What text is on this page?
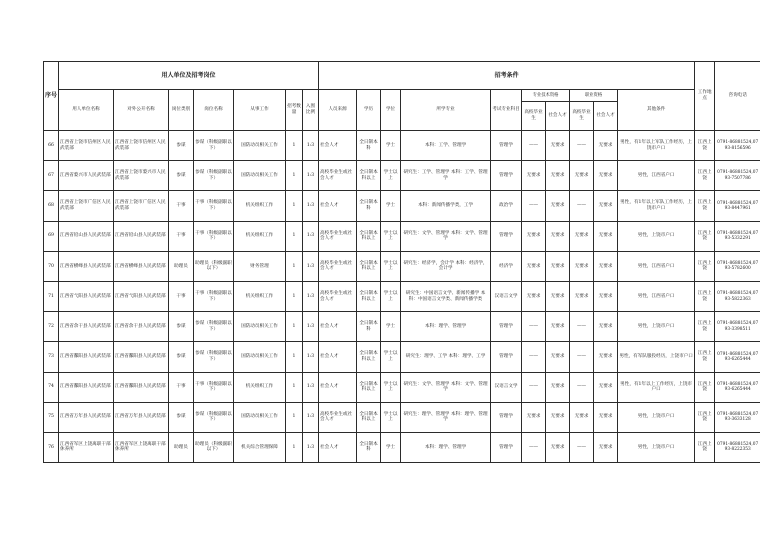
序号	用人单位及招考岗位							招考条件										工作地点	咨询电话
	用人单位名称	对外公开名称	岗位类别	岗位名称	从事工作	招考数量	入围比例	人员来源	学历	学位	所学专业	考试专业科目	专业技术资格		职业资格		其他条件		
													高校毕业生	社会人才	高校毕业生	社会人才			
66	江西省上饶市信州区人民武装部	江西省上饶市信州区人民武装部	参谋	参谋（科级副职以下）	国防动员相关工作	1	1:3	社会人才	全日制本科	学士	本科：工学、管理学	管理学	——	无要求	——	无要求	男性，有1年以上军队工作经历，上饶市户口	江西上饶	0791-86881524,0793-8156596
67	江西省婺兴市人民武装部	江西省上饶市婺兴市人民武装部	参谋	参谋（科级副职以下）	国防动员相关工作	1	1:3	高校毕业生或社会人才	全日制本科以上	学士以上	研究生：工学、管理学 本科：工学、管理学	管理学	无要求	无要求	无要求	无要求	男性，江西省户口	江西上饶	0791-86881524,0793-7507786
68	江西省上饶市广信区人民武装部	江西省上饶市广信区人民武装部	干事	干事（科级副职以下）	机关组织工作	1	1:3	社会人才	全日制本科	学士	本科：新闻传播学类，工学	政治学	——	无要求	——	无要求	男性，有1年以上军队工作经历，上饶市户口	江西上饶	0791-86881524,0793-8447961
69	江西省铅山县人民武装部	江西省铅山县人民武装部	干事	干事（科级副职以下）	机关组织工作	1	1:3	高校毕业生或社会人才	全日制本科以上	学士以上	研究生：文学、管理学 本科：文学、管理学	管理学	无要求	无要求	无要求	无要求	男性，上饶市户口	江西上饶	0791-86881524,0793-5332291
70	江西省横峰县人民武装部	江西省横峰县人民武装部	助理员	助理员（科级副职以下）	财务管理	1	1:3	高校毕业生或社会人才	全日制本科以上	学士以上	研究生：经济学，会计学 本科：经济学，会计学	经济学	无要求	无要求	无要求	无要求	男性，江西省户口	江西上饶	0791-86881524,0793-5782600
71	江西省弋阳县人民武装部	江西省弋阳县人民武装部	干事	干事（科级副职以下）	机关组织工作	1	1:3	高校毕业生或社会人才	全日制本科以上	学士以上	研究生：中国语言文学、新闻传播学 本科：中国语言文学类、新闻传播学类	汉语言文学	无要求	无要求	无要求	无要求	男性，江西省户口	江西上饶	0791-86881524,0793-5822363
72	江西省余干县人民武装部	江西省余干县人民武装部	参谋	参谋（科级副职以下）	国防动员相关工作	1	1:3	社会人才	全日制本科	学士	本科：理学、管理学	管理学	——	无要求	——	无要求	男性，上饶市户口	江西上饶	0791-86881524,0793-3398511
73	江西省鄱阳县人民武装部	江西省鄱阳县人民武装部	参谋	参谋（科级副职以下）	国防动员相关工作	1	1:3	社会人才	全日制本科以上	学士以上	研究生：理学、工学 本科：理学、工学	管理学	——	无要求	——	无要求	男性，有军队服役经历，上饶市户口	江西上饶	0791-86881524,0793-6265444
74	江西省鄱阳县人民武装部	江西省鄱阳县人民武装部	干事	干事（科级副职以下）	机关组织工作	1	1:3	社会人才	全日制本科以上	学士以上	研究生：文学、管理学 本科：文学、管理学	汉语言文学	——	无要求	——	无要求	男性，有1年以上工作经历，上饶市户口	江西上饶	0791-86881524,0793-6265444
75	江西省万年县人民武装部	江西省万年县人民武装部	参谋	参谋（科级副职以下）	国防动员相关工作	1	1:3	高校毕业生或社会人才	全日制本科以上	学士以上	研究生：理学、管理学 本科：理学、管理学	管理学	无要求	无要求	无要求	无要求	男性，上饶市户口	江西上饶	0791-86881524,0793-3633128
76	江西省军区上饶离职干部休养所	江西省军区上饶离职干部休养所	助理员	助理员（科级副职以下）	机关综合管理保障	1	1:3	社会人才	全日制本科	学士	本科：理学、管理学	管理学	——	无要求	——	无要求	男性，上饶市户口	江西上饶	0791-86881524,0793-8222353
